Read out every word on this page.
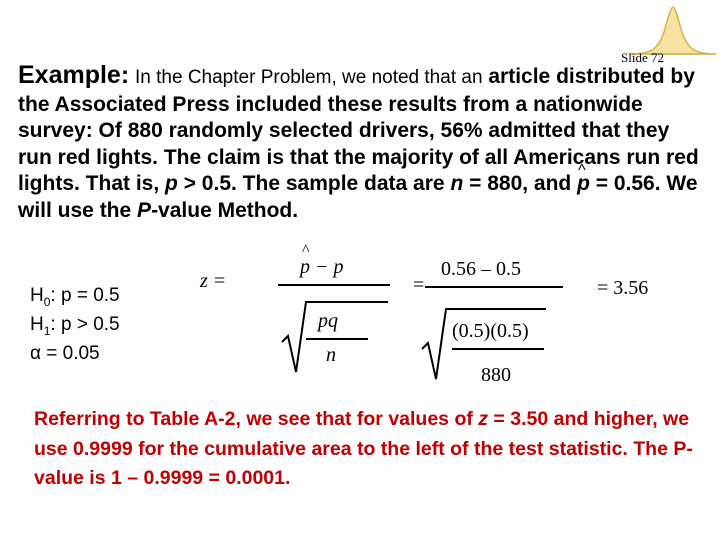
Slide 72

Example: In the Chapter Problem, we noted that an article distributed by the Associated Press included these results from a nationwide survey: Of 880 randomly selected drivers, 56% admitted that they run red lights. The claim is that the majority of all Americans run red lights. That is, p > 0.5. The sample data are n = 880, and ^ p = 0.56. We will use the P-value Method.

$H_0$: p = 0.5
$H_1$: p > 0.5
α = 0.05
z =
p − p
^
pq
n
=
0.56 – 0.5
(0.5)(0.5)
880
= 3.56

Referring to Table A-2, we see that for values of z = 3.50 and higher, we use 0.9999 for the cumulative area to the left of the test statistic. The P-value is 1 – 0.9999 = 0.0001.
